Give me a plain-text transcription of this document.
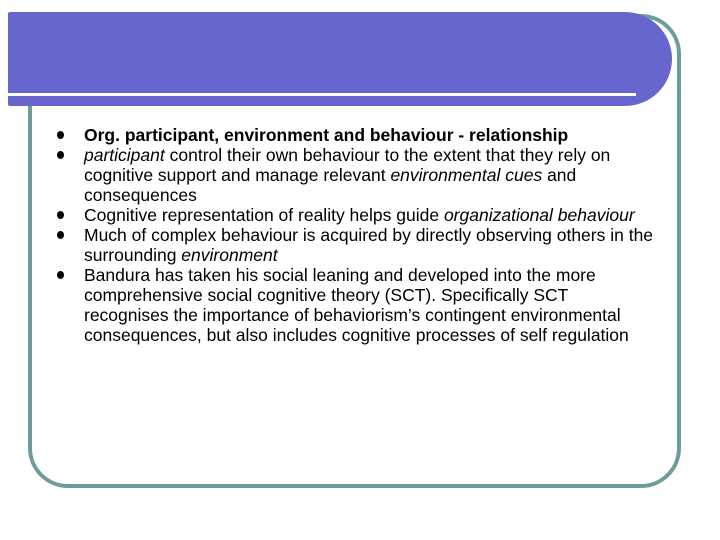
Org. participant, environment and behaviour - relationship
participant control their own behaviour to the extent that they rely on cognitive support and manage relevant environmental cues and consequences
Cognitive representation of reality helps guide organizational behaviour
Much of complex behaviour is acquired by directly observing others in the surrounding environment
Bandura has taken his social leaning and developed into the more comprehensive social cognitive theory (SCT). Specifically SCT recognises the importance of behaviorism’s contingent environmental consequences, but also includes cognitive processes of self regulation
